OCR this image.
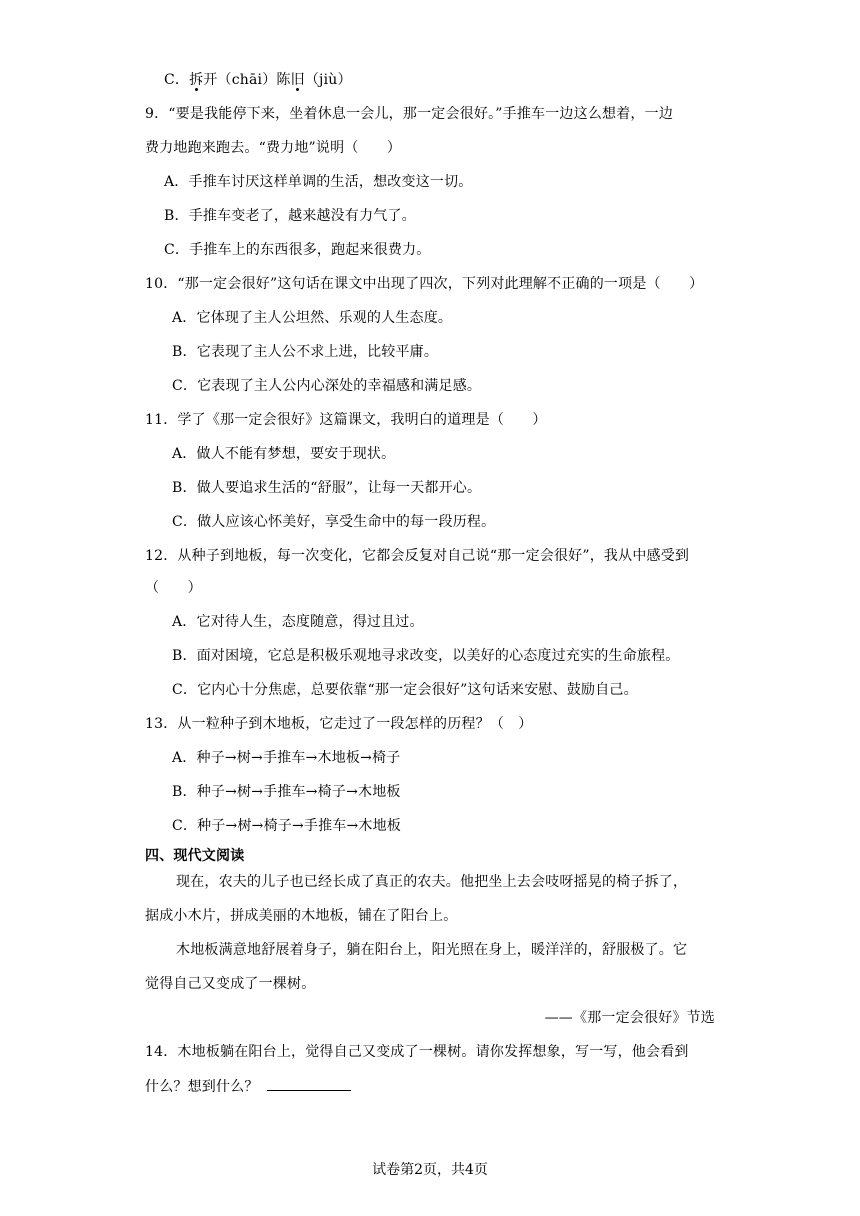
C．拆开（chāi）陈旧（jiù）
9．“要是我能停下来，坐着休息一会儿，那一定会很好。”手推车一边这么想着，一边
费力地跑来跑去。“费力地”说明（　　）
A．手推车讨厌这样单调的生活，想改变这一切。
B．手推车变老了，越来越没有力气了。
C．手推车上的东西很多，跑起来很费力。
10．“那一定会很好”这句话在课文中出现了四次，下列对此理解不正确的一项是（　　）
A．它体现了主人公坦然、乐观的人生态度。
B．它表现了主人公不求上进，比较平庸。
C．它表现了主人公内心深处的幸福感和满足感。
11．学了《那一定会很好》这篇课文，我明白的道理是（　　）
A．做人不能有梦想，要安于现状。
B．做人要追求生活的“舒服”，让每一天都开心。
C．做人应该心怀美好，享受生命中的每一段历程。
12．从种子到地板，每一次变化，它都会反复对自己说“那一定会很好”，我从中感受到
（　　）
A．它对待人生，态度随意，得过且过。
B．面对困境，它总是积极乐观地寻求改变，以美好的心态度过充实的生命旅程。
C．它内心十分焦虑，总要依靠“那一定会很好”这句话来安慰、鼓励自己。
13．从一粒种子到木地板，它走过了一段怎样的历程？（　）
A．种子→树→手推车→木地板→椅子
B．种子→树→手推车→椅子→木地板
C．种子→树→椅子→手推车→木地板
四、现代文阅读
现在，农夫的儿子也已经长成了真正的农夫。他把坐上去会吱呀摇晃的椅子拆了，
据成小木片，拼成美丽的木地板，铺在了阳台上。
木地板满意地舒展着身子，躺在阳台上，阳光照在身上，暖洋洋的，舒服极了。它
觉得自己又变成了一棵树。
——《那一定会很好》节选
14．木地板躺在阳台上，觉得自己又变成了一棵树。请你发挥想象，写一写，他会看到
什么？想到什么？
试卷第2页，共4页
